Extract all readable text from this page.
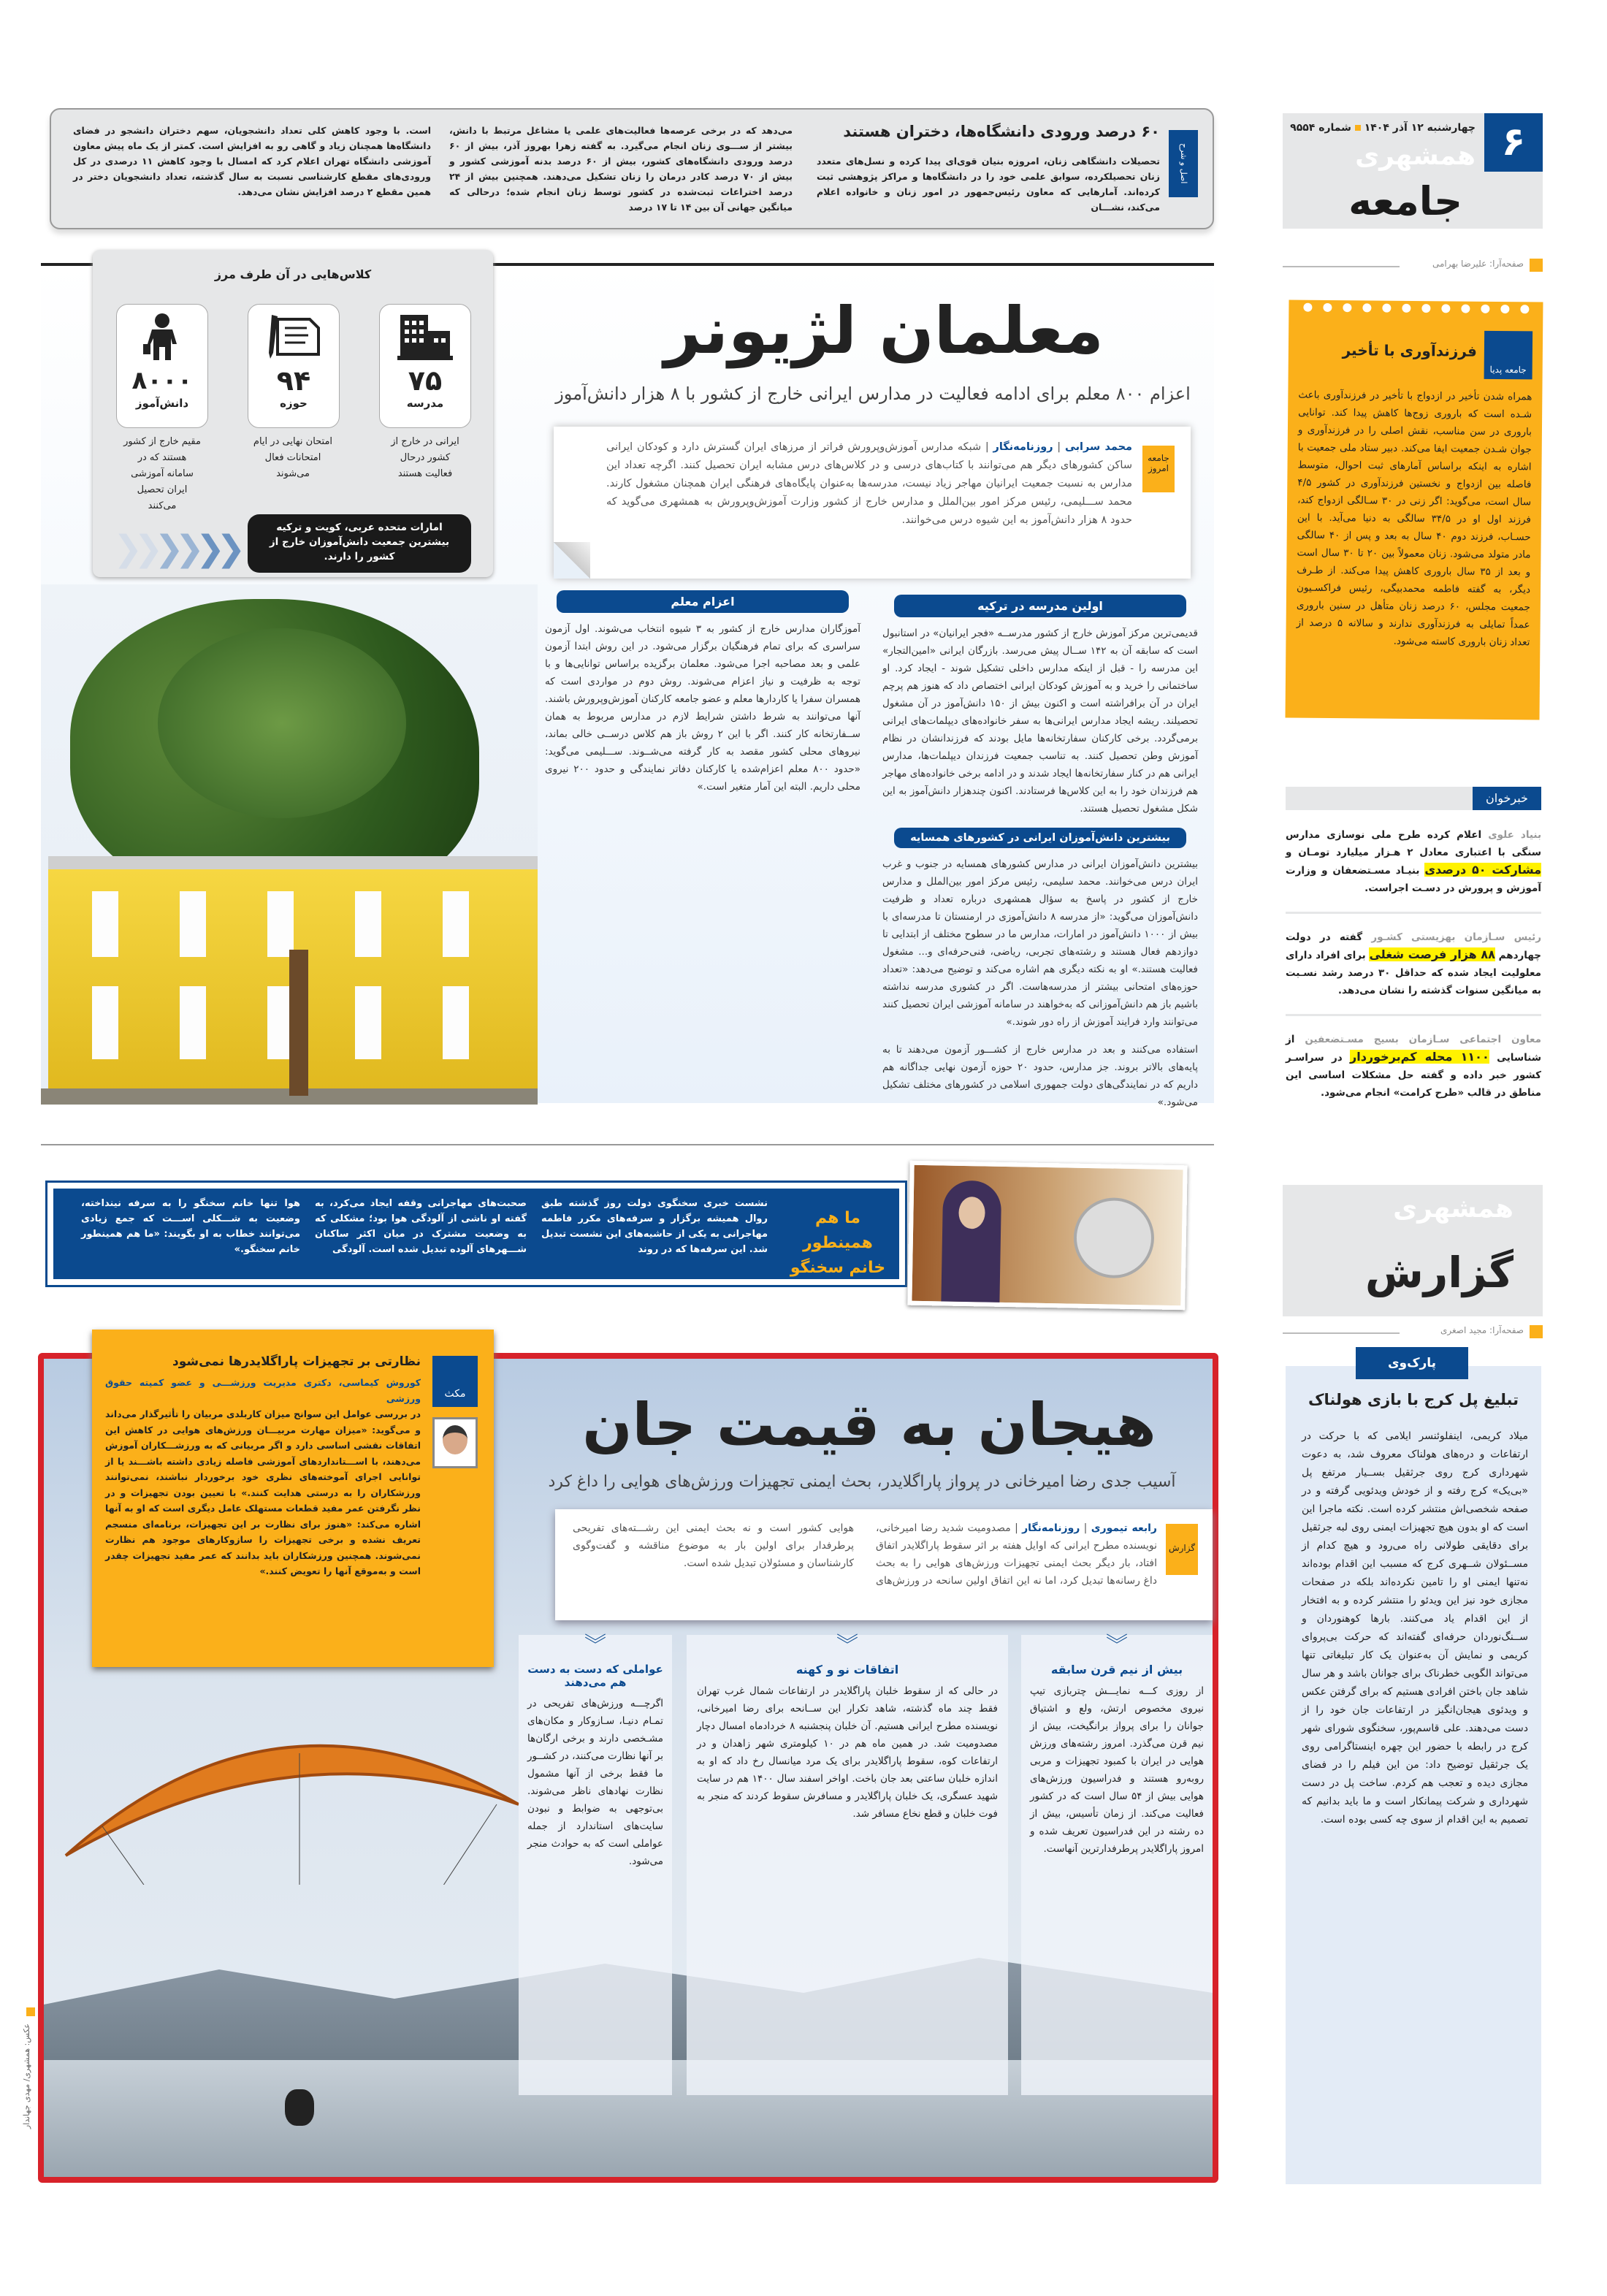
۶
چهارشنبه ۱۲ آذر ۱۴۰۴  شماره ۹۵۵۴
همشهری
جامعه
صفحه‌آرا: علیرضا بهرامی
جامعه پدیا
فرزندآوری با تأخیر
همراه شدن تأخیر در ازدواج با تأخیر در فرزندآوری باعث شـده است که باروری زوج‌ها کاهش پیدا کند. توانایی باروری در سن مناسب، نقش اصلی را در فرزندآوری و جوان شـدن جمعیت ایفا می‌کند. دبیر ستاد ملی جمعیت با اشاره به اینکه براساس آمارهای ثبت احوال، متوسط فاصله بین ازدواج و نخستین فرزندآوری در کشور ۴/۵ سال است، می‌گوید: اگر زنی در ۳۰ سـالگی ازدواج کند، فرزند اول او در ۳۴/۵ سالگی به دنیا می‌آید. با این حسـاب، فرزند دوم ۴۰ سال به بعد و پس از ۴۰ سالگی مادر متولد می‌شود. زنان معمولاً بین ۲۰ تا ۳۰ سال است و بعد از ۳۵ سال باروری کاهش پیدا می‌کند. از طـرف دیگر، به گفته فاطمه محمدبیگی، رئیس فراکسـیون جمعیت مجلس، ۶۰ درصد زنان متأهل در سنین باروری عمداً تمایلی به فرزندآوری ندارند و سالانه ۵ درصد از تعداد زنان باروری کاسته می‌شود.
خبرخوان
بنیاد علوی اعلام کرده طرح ملی نوسازی مدارس سنگی با اعتباری معادل ۲ هـزار میلیارد تومـان و مشارکت ۵۰ درصدی بنیـاد مسـتضعفان و وزارت آموزش و پرورش در دسـت اجراست.
رئیس سـازمان بهزیستی کشـور گفته در دولت چهاردهم ۸۸ هزار فرصت شغلی برای افراد دارای معلولیت ایجاد شده که حداقل ۳۰ درصد رشد نسـبت به میانگین سنوات گذشته را نشان می‌دهد.
معاون اجتماعی سـازمان بسیج مسـتضعفین از شناسایی ۱۱۰۰ محله کم‌برخوردار در سراسـر کشور خبر داده و گفته حل مشکلات اساسی این مناطق در قالب «طرح کرامت» انجام می‌شود.
اصل و شرح
۶۰ درصد ورودی دانشگاه‌ها، دختران هستند
تحصیلات دانشگاهی زنان، امروزه بنیان قوی‌ای پیدا کرده و نسل‌های متعدد زنان تحصیلکرده، سوابق علمی خود را در دانشگاه‌ها و مراکز پژوهشی ثبت کرده‌اند. آمارهایی که معاون رئیس‌جمهور در امور زنان و خانواده اعلام می‌کند، نشـــان
می‌دهد که در برخی عرصه‌ها فعالیت‌های علمی یا مشاغل مرتبط با دانش، بیشتر از ســـوی زنان انجام می‌گیرد. به گفته زهرا بهروز آذر، بیش از ۶۰ درصد ورودی دانشگاه‌های کشور، بیش از ۶۰ درصد بدنه آموزشی کشور و بیش از ۷۰ درصد کادر درمان را زنان تشکیل می‌دهند. همچنین بیش از ۲۴ درصد اختراعات ثبت‌شده در کشور توسط زنان انجام شده؛ درحالی که میانگین جهانی آن بین ۱۴ تا ۱۷ درصد
است. با وجود کاهش کلی تعداد دانشجویان، سهم دختران دانشجو در فضای دانشگاه‌ها همچنان زیاد و گاهی رو به افزایش است. کمتر از یک ماه پیش معاون آموزشی دانشگاه تهران اعلام کرد که امسال با وجود کاهش ۱۱ درصدی در کل ورودی‌های مقطع کارشناسی نسبت به سال گذشته، تعداد دانشجویان دختر در همین مقطع ۲ درصد افزایش نشان می‌دهد.
کلاس‌هایی در آن طرف مرز
۷۵
مدرسه
ایرانی در خارج از کشور درحال فعالیت هستند
۹۴
حوزه
امتحان نهایی در ایام امتحانات فعال می‌شوند
۸۰۰۰
دانش‌آموز
مقیم خارج از کشور هستند که در سامانه آموزشی ایران تحصیل می‌کنند
امارات متحده عربی، کویت و ترکیه بیشترین جمعیت دانش‌آموزان خارج از کشور را دارند.
❯❯❯❯❯❯
معلمان لژیونر
اعزام ۸۰۰ معلم برای ادامه فعالیت در مدارس ایرانی خارج از کشور با ۸ هزار دانش‌آموز
جامعه امروز
محمد سرابی | روزنامه‌نگار | شبکه مدارس آموزش‌وپرورش فراتر از مرزهای ایران گسترش دارد و کودکان ایرانی ساکن کشورهای دیگر هم می‌توانند با کتاب‌های درسی و در کلاس‌های درس مشابه ایران تحصیل کنند. اگرچه تعداد این مدارس به نسبت جمعیت ایرانیان مهاجر زیاد نیست، مدرسه‌ها به‌عنوان پایگاه‌های فرهنگی ایران همچنان مشغول کارند. محمد ســـلیمی، رئیس مرکز امور بین‌الملل و مدارس خارج از کشور وزارت آموزش‌وپرورش به همشهری می‌گوید که حدود ۸ هزار دانش‌آموز به این شیوه درس می‌خوانند.
اولین مدرسه در ترکیه
قدیمی‌ترین مرکز آموزش خارج از کشور مدرســه «فجر ایرانیان» در استانبول است که سابقه آن به ۱۴۲ ســال پیش می‌رسد. بازرگان ایرانی «امین‌التجار» این مدرسه را - قبل از اینکه مدارس داخلی تشکیل شوند - ایجاد کرد. او ساختمانی را خرید و به آموزش کودکان ایرانی اختصاص داد که هنوز هم پرچم ایران در آن برافراشته است و اکنون بیش از ۱۵۰ دانش‌آموز در آن مشغول تحصیلند. ریشه ایجاد مدارس ایرانی‌ها به سفر خانواده‌های دیپلمات‌های ایرانی برمی‌گردد. برخی کارکنان سفارتخانه‌ها مایل بودند که فرزندانشان در نظام آموزش وطن تحصیل کنند. به تناسب جمعیت فرزندان دیپلمات‌ها، مدارس ایرانی هم در کنار سفارتخانه‌ها ایجاد شدند و در ادامه برخی خانواده‌های مهاجر هم فرزندان خود را به این کلاس‌ها فرستادند. اکنون چندهزار دانش‌آموز به این شکل مشغول تحصیل هستند.
بیشترین دانش‌آموزان ایرانی در کشورهای همسایه
بیشترین دانش‌آموزان ایرانی در مدارس کشورهای همسایه در جنوب و غرب ایران درس می‌خوانند. محمد سلیمی، رئیس مرکز امور بین‌الملل و مدارس خارج از کشور در پاسخ به سؤال همشهری درباره تعداد و ظرفیت دانش‌آموزان می‌گوید: «از مدرسه ۸ دانش‌آموزی در ارمنستان تا مدرسه‌ای با بیش از ۱۰۰۰ دانش‌آموز در امارات، مدارس ما در سطوح مختلف از ابتدایی تا دوازدهم فعال هستند و رشته‌های تجربی، ریاضی، فنی‌حرفه‌ای و... مشغول فعالیت هستند.» او به نکته دیگری هم اشاره می‌کند و توضیح می‌دهد: «تعداد حوزه‌های امتحانی بیشتر از مدرسه‌هاست. اگر در کشوری مدرسه نداشته باشیم باز هم دانش‌آموزانی که به‌خواهند در سامانه آموزشی ایران تحصیل کنند می‌توانند وارد فرایند آموزش از راه دور شوند.»
استفاده می‌کنند و بعد در مدارس خارج از کشـــور آزمون می‌دهند تا به پایه‌های بالاتر بروند. جز مدارس، حدود ۲۰ حوزه آزمون نهایی جداگانه هم داریم که در نمایندگی‌های دولت جمهوری اسلامی در کشورهای مختلف تشکیل می‌شود.»
اعزام معلم
آموزگاران مدارس خارج از کشور به ۳ شیوه انتخاب می‌شوند. اول آزمون سراسری که برای تمام فرهنگیان برگزار می‌شود. در این روش ابتدا آزمون علمی و بعد مصاحبه اجرا می‌شود. معلمان برگزیده براساس توانایی‌ها و با توجه به ظرفیت و نیاز اعزام می‌شوند. روش دوم در مواردی است که همسران سفرا یا کاردارها معلم و عضو جامعه کارکنان آموزش‌وپرورش باشند. آنها می‌توانند به شرط داشتن شرایط لازم در مدارس مربوط به همان ســفارتخانه کار کنند. اگر با این ۲ روش باز هم کلاس درســی خالی بماند، نیروهای محلی کشور مقصد به کار گرفته می‌شــوند. ســـلیمی می‌گوید: «حدود ۸۰۰ معلم اعزام‌شده یا کارکنان دفاتر نمایندگی و حدود ۲۰۰ نیروی محلی داریم. البته این آمار متغیر است.»
ما هم همینطور خانم سخنگو
نشست خبری سخنگوی دولت روز گذشته طبق روال همیشه برگزار و سرفه‌های مکرر فاطمه مهاجرانی به یکی از حاشیه‌های این نشست تبدیل شد. این سرفه‌ها که در روند
صحبت‌های مهاجرانی وقفه ایجاد می‌کرد، به گفته او ناشی از آلودگی هوا بود؛ مشکلی که به وضعیت مشترک در میان اکثر ساکنان شـــهرهای آلوده تبدیل شده است. آلودگی
هوا تنها خانم سخنگو را به سرفه نینداخته، وضعیت به شـــکلی اســـت که جمع زیادی می‌توانند خطاب به او بگویند: «ما هم همینطور خانم سخنگو.»
همشهری
گزارش
صفحه‌آرا: مجید اصغری
پارک‌وی
تبلیغ پل کرج با بازی هولناک
میلاد کریمی، اینفلوئنسر ایلامی که با حرکت در ارتفاعات و دره‌های هولناک معروف شد، به دعوت شهرداری کرج روی جرثقیل بســیار مرتفع پل «بی‌یک» کرج رفته و از خودش ویدئویی گرفته و در صفحه شخصی‌اش منتشر کرده است. نکته ماجرا این است که او بدون هیچ تجهیزات ایمنی روی لبه جرثقیل برای دقایقی طولانی راه می‌رود و هیچ کدام از مســئولان شــهری کرج که مسبب این اقدام بوده‌اند نه‌تنها ایمنی او را تامین نکرده‌اند بلکه در صفحات مجازی خود نیز این ویدئو را منتشر کرده و به افتخار از این اقدام یاد می‌کنند. بارها کوهنوردان و ســنگ‌نوردان حرفه‌ای گفته‌اند که حرکت بی‌پروای کریمی و نمایش آن به‌عنوان یک کار تبلیغاتی تنها می‌تواند الگویی خطرناک برای جوانان باشد و هر سال شاهد جان باختن افرادی هستیم که برای گرفتن عکس و ویدئوی هیجان‌انگیز در ارتفاعات جان خود را از دست می‌دهند. علی قاسم‌پور، سخنگوی شورای شهر کرج در رابطه با حضور این چهره اینستاگرامی روی یک جرثقیل توضیح داد: من این فیلم را در فضای مجازی دیده و تعجب هم کردم. ساخت پل در دست شهرداری و شرکت پیمانکار است و ما باید بدانیم که تصمیم به این اقدام از سوی چه کسی بوده است.
هیجان به قیمت جان
آسیب جدی رضا امیرخانی در پرواز پاراگلایدر، بحث ایمنی تجهیزات ورزش‌های هوایی را داغ کرد
گزارش
رابعه تیموری | روزنامه‌نگار | مصدومیت شدید رضا امیرخانی، نویسنده مطرح ایرانی که اوایل هفته بر اثر سقوط پاراگلایدر اتفاق افتاد، بار دیگر بحث ایمنی تجهیزات ورزش‌های هوایی را به بحث داغ رسانه‌ها تبدیل کرد، اما نه این اتفاق اولین سانحه در ورزش‌های هوایی کشور است و نه بحث ایمنی این رشـــته‌های تفریحی پرطرفدار برای اولین بار به موضوع مناقشه و گفت‌وگوی کارشناسان و مسئولان تبدیل شده است.
︾
بیش از نیم قرن سابقه
از روزی کـــه نمایـــش چتربازی تیپ نیروی مخصوص ارتش، ولع و اشتیاق جوانان را برای پرواز برانگیخت، بیش از نیم قرن می‌گذرد. امروز رشته‌های ورزش هوایی در ایران با کمبود تجهیزات و مربی روبه‌رو هستند و فدراسیون ورزش‌های هوایی بیش از ۵۴ سال است که در کشور فعالیت می‌کند. از زمان تأسیس، بیش از ده رشته در این فدراسیون تعریف شده و امروز پاراگلایدر پرطرفدارترین آنهاست.
︾
اتفاقات نو و کهنه
در حالی که از سقوط خلبان پاراگلایدر در ارتفاعات شمال غرب تهران فقط چند ماه گذشته، شاهد تکرار این ســانحه برای رضا امیرخانی، نویسنده مطرح ایرانی هستیم. آن خلبان پنجشنبه ۸ خردادماه امسال دچار مصدومیت شد. در همین ماه هم در ۱۰ کیلومتری شهر زاهدان و در ارتفاعات کوه، سقوط پاراگلایدر برای یک مرد میانسال رخ داد که او به اندازه خلبان ساعتی بعد جان باخت. اواخر اسفند سال ۱۴۰۰ هم در سایت شهید عسگری، یک خلبان پاراگلایدر و مسافرش سقوط کردند که منجر به فوت خلبان و قطع نخاع مسافر شد.
︾
عواملی که دست به دست هم می‌دهند
اگرچـــه ورزش‌های تفریحی در تمـام دنیـا، سـازوکار و مکان‌های مشـخصی دارند و برخی ارگان‌ها بر آنها نظارت می‌کنند، در کشــور ما فقط برخی از آنها مشمول نظارت نهادهای ناظر می‌شوند. بی‌توجهی به ضوابط و نبودن سایت‌های استاندارد از جمله عواملی است که به حوادث منجر می‌شود.
مکث
نظارتی بر تجهیزات پاراگلایدرها نمی‌شود
کوروش کیماسی، دکتری مدیریت ورزشـــی و عضو کمیته حقوق ورزشی
در بررسی عوامل این سوانح میزان کاربلدی مربیان را تأثیرگذار می‌داند و می‌گوید: «میزان مهارت مربیـــان ورزش‌های هوایی در کاهش این اتفاقات نقشی اساسی دارد و اگر مربیانی که به ورزشـــکاران آموزش می‌دهند، با اســـتانداردهای آموزشی فاصله زیادی داشته باشـــند یا از توانایی اجرای آموخته‌های نظری خود برخوردار نباشند، نمی‌توانند ورزشکاران را به درستی هدایت کنند.» با تعیین بودن تجهیزات و در نظر نگرفتن عمر مفید قطعات مستهلک عامل دیگری است که او به آنها اشاره می‌کند: «هنوز برای نظارت بر این تجهیزات، برنامه‌ای منسجم تعریف نشده و برخی تجهیزات را سازوکارهای موجود هم نظارت نمی‌شوند. همچنین ورزشکاران باید بدانند که عمر مفید تجهیزات چقدر است و به‌موقع آنها را تعویض کنند.»
عکس: همشهری/ مهدی جهاندار
